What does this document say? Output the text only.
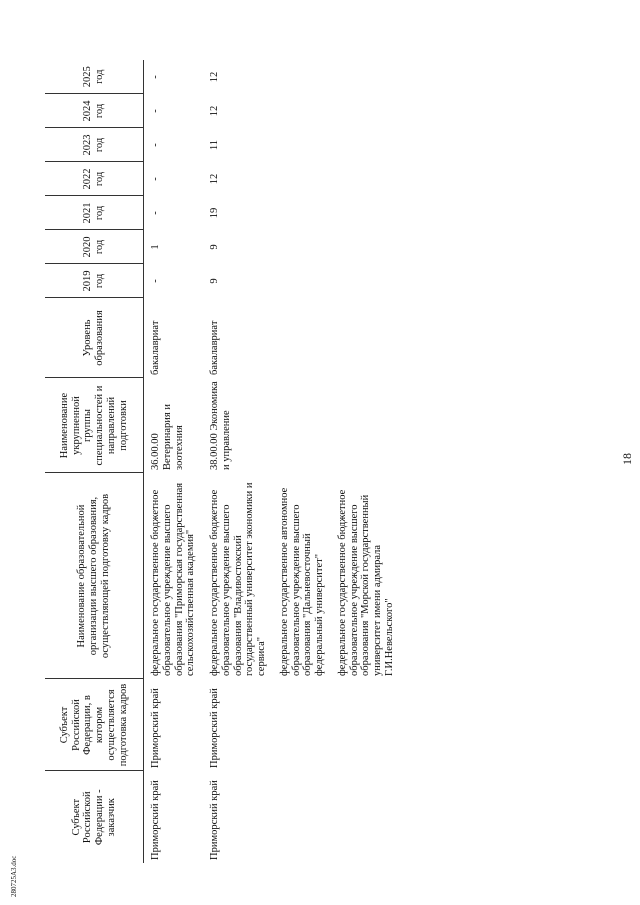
280725A3.doc
18
Субъект Российской Федерации - заказчик	Субъект Российской Федерации, в котором осуществляется подготовка кадров	Наименование образовательной организации высшего образования, осуществляющей подготовку кадров	Наименование укрупненной группы специальностей и направлений подготовки	Уровень образования	2019 год	2020 год	2021 год	2022 год	2023 год	2024 год	2025 год
Приморский край	Приморский край	федеральное государственное бюджетное образовательное учреждение высшего образования "Приморская государственная сельскохозяйственная академия"	36.00.00 Ветеринария и зоотехния	бакалавриат	-	1	-	-	-	-	-
Приморский край	Приморский край	федеральное государственное бюджетное образовательное учреждение высшего образования "Владивостокский государственный университет экономики и сервиса" федеральное государственное автономное образовательное учреждение высшего образования "Дальневосточный федеральный университет" федеральное государственное бюджетное образовательное учреждение высшего образования "Морской государственный университет имени адмирала Г.И.Невельского"	38.00.00 Экономика и управление	бакалавриат	9	9	19	12	11	12	12
